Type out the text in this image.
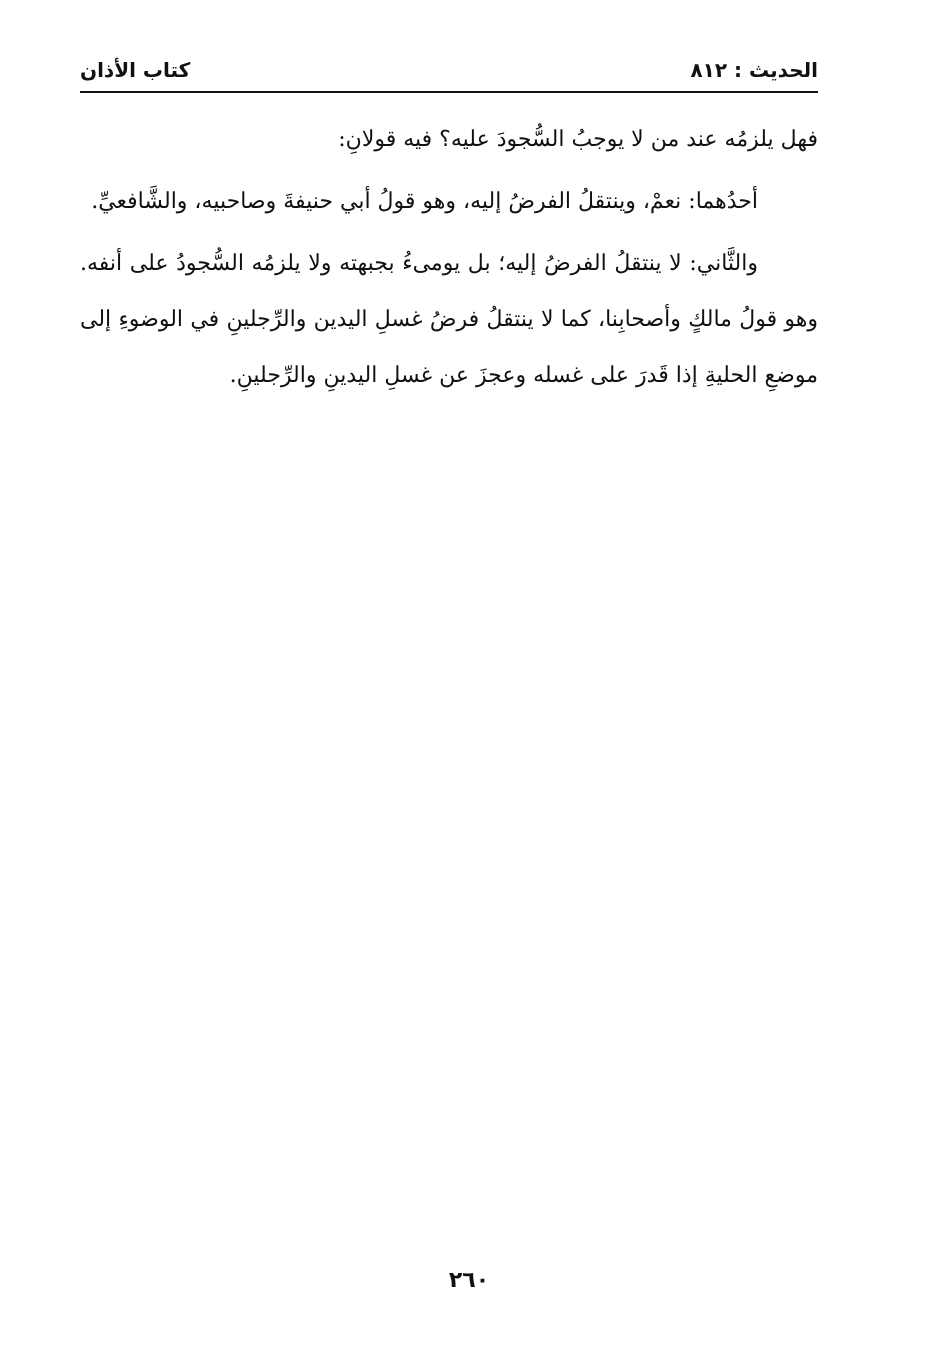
الحديث : ٨١٢
كتاب الأذان

فهل يلزمُه عند من لا يوجبُ السُّجودَ عليه؟ فيه قولانِ:

أحدُهما: نعمْ، وينتقلُ الفرضُ إليه، وهو قولُ أبي حنيفةَ وصاحبيه، والشَّافعيِّ.

والثَّاني: لا ينتقلُ الفرضُ إليه؛ بل يومىءُ بجبهته ولا يلزمُه السُّجودُ على أنفه. وهو قولُ مالكٍ وأصحابِنا، كما لا ينتقلُ فرضُ غسلِ اليدين والرِّجلينِ في الوضوءِ إلى موضعِ الحليةِ إذا قَدرَ على غسله وعجزَ عن غسلِ اليدينِ والرِّجلينِ.

٢٦٠
